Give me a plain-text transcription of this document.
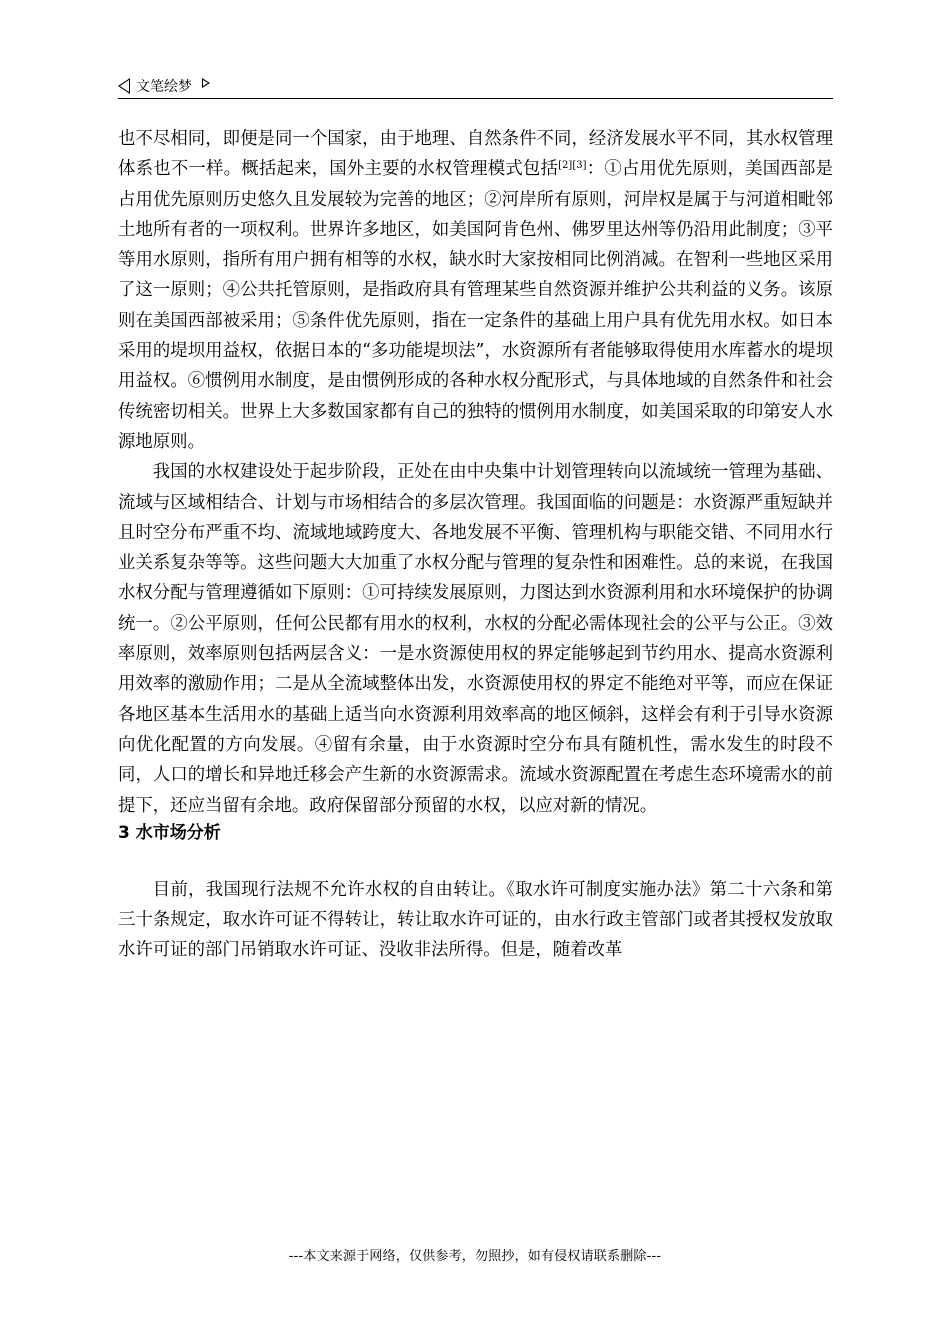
文笔绘梦

也不尽相同，即便是同一个国家，由于地理、自然条件不同，经济发展水平不同，其水权管理体系也不一样。概括起来，国外主要的水权管理模式包括[2][3]：①占用优先原则，美国西部是占用优先原则历史悠久且发展较为完善的地区；②河岸所有原则，河岸权是属于与河道相毗邻土地所有者的一项权利。世界许多地区，如美国阿肯色州、佛罗里达州等仍沿用此制度；③平等用水原则，指所有用户拥有相等的水权，缺水时大家按相同比例消减。在智利一些地区采用了这一原则；④公共托管原则，是指政府具有管理某些自然资源并维护公共利益的义务。该原则在美国西部被采用；⑤条件优先原则，指在一定条件的基础上用户具有优先用水权。如日本采用的堤坝用益权，依据日本的“多功能堤坝法”，水资源所有者能够取得使用水库蓄水的堤坝用益权。⑥惯例用水制度，是由惯例形成的各种水权分配形式，与具体地域的自然条件和社会传统密切相关。世界上大多数国家都有自己的独特的惯例用水制度，如美国采取的印第安人水源地原则。

我国的水权建设处于起步阶段，正处在由中央集中计划管理转向以流域统一管理为基础、流域与区域相结合、计划与市场相结合的多层次管理。我国面临的问题是：水资源严重短缺并且时空分布严重不均、流域地域跨度大、各地发展不平衡、管理机构与职能交错、不同用水行业关系复杂等等。这些问题大大加重了水权分配与管理的复杂性和困难性。总的来说，在我国水权分配与管理遵循如下原则：①可持续发展原则，力图达到水资源利用和水环境保护的协调统一。②公平原则，任何公民都有用水的权利，水权的分配必需体现社会的公平与公正。③效率原则，效率原则包括两层含义：一是水资源使用权的界定能够起到节约用水、提高水资源利用效率的激励作用；二是从全流域整体出发，水资源使用权的界定不能绝对平等，而应在保证各地区基本生活用水的基础上适当向水资源利用效率高的地区倾斜，这样会有利于引导水资源向优化配置的方向发展。④留有余量，由于水资源时空分布具有随机性，需水发生的时段不同，人口的增长和异地迁移会产生新的水资源需求。流域水资源配置在考虑生态环境需水的前提下，还应当留有余地。政府保留部分预留的水权，以应对新的情况。

3 水市场分析

目前，我国现行法规不允许水权的自由转让。《取水许可制度实施办法》第二十六条和第三十条规定，取水许可证不得转让，转让取水许可证的，由水行政主管部门或者其授权发放取水许可证的部门吊销取水许可证、没收非法所得。但是，随着改革

---本文来源于网络，仅供参考，勿照抄，如有侵权请联系删除---
